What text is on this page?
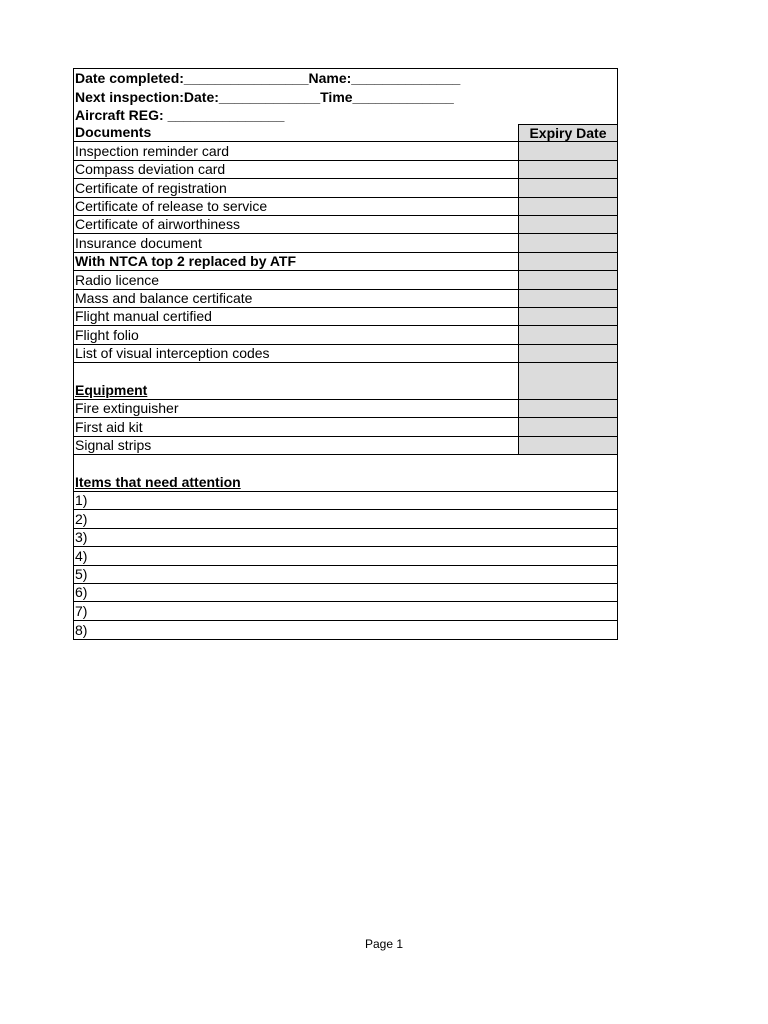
Date completed:________________Name:______________
Next inspection:Date:_____________Time_____________
Aircraft REG: _______________
Documents	Expiry Date
Inspection reminder card
Compass deviation card
Certificate of registration
Certificate of release to service
Certificate of airworthiness
Insurance document
With NTCA top 2 replaced by ATF
Radio licence
Mass and balance certificate
Flight manual certified
Flight folio
List of visual interception codes
Equipment
Fire extinguisher
First aid kit
Signal strips
Items that need attention
1)
2)
3)
4)
5)
6)
7)
8)
Page 1
